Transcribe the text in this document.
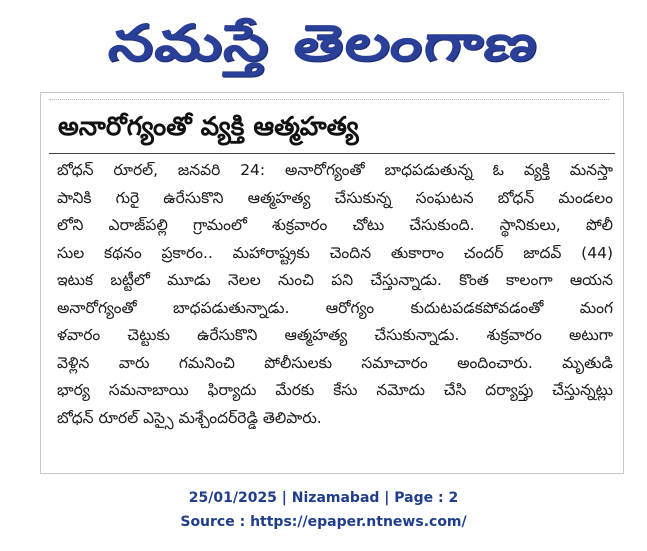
నమస్తే తెలంగాణ
అనారోగ్యంతో వ్యక్తి ఆత్మహత్య
బోధన్ రూరల్, జనవరి 24: అనారోగ్యంతో బాధపడుతున్న ఓ వ్యక్తి మనస్తా
పానికి గురై ఉరేసుకొని ఆత్మహత్య చేసుకున్న సంఘటన బోధన్ మండలం
లోని ఎరాజ్‌పల్లి గ్రామంలో శుక్రవారం చోటు చేసుకుంది. స్థానికులు, పోలీ
సుల కథనం ప్రకారం.. మహారాష్ట్రకు చెందిన తుకారాం చందర్ జాదవ్ (44)
ఇటుక బట్టీలో మూడు నెలల నుంచి పని చేస్తున్నాడు. కొంత కాలంగా ఆయన
అనారోగ్యంతో బాధపడుతున్నాడు. ఆరోగ్యం కుదుటపడకపోవడంతో మంగ
ళవారం చెట్టుకు ఉరేసుకొని ఆత్మహత్య చేసుకున్నాడు. శుక్రవారం అటుగా
వెళ్లిన వారు గమనించి పోలీసులకు సమాచారం అందించారు. మృతుడి
భార్య సమనాబాయి ఫిర్యాదు మేరకు కేసు నమోదు చేసి దర్యాప్తు చేస్తున్నట్లు
బోధన్ రూరల్ ఎస్సై మశ్చేందర్‌రెడ్డి తెలిపారు.
25/01/2025 | Nizamabad | Page : 2
Source : https://epaper.ntnews.com/
